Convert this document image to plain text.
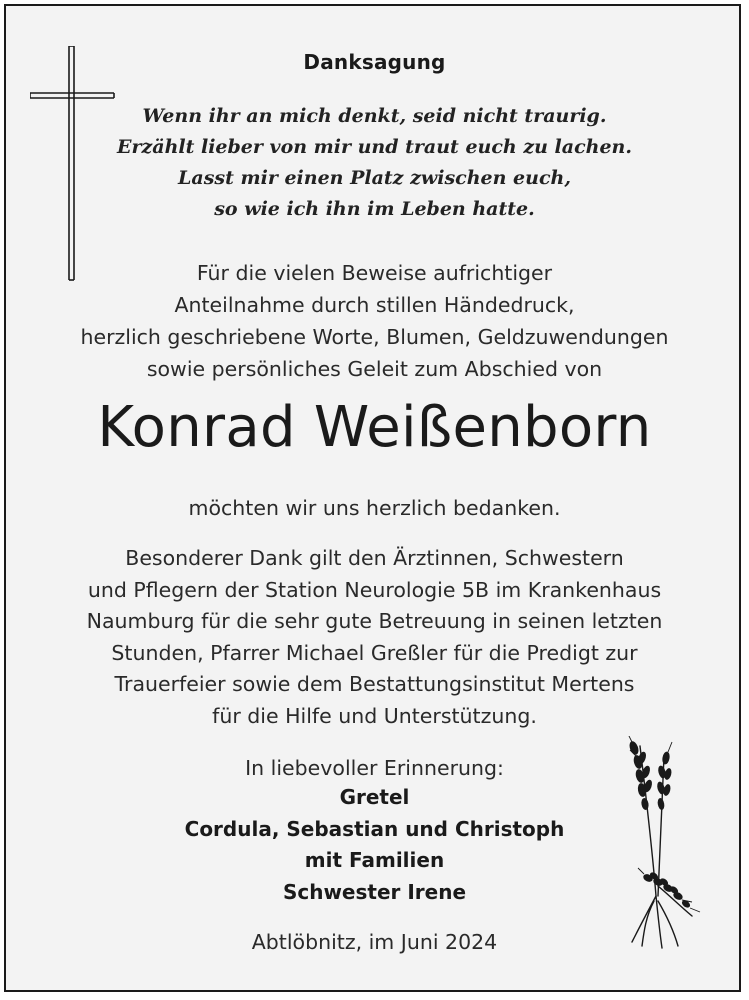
Danksagung
Wenn ihr an mich denkt, seid nicht traurig.
Erzählt lieber von mir und traut euch zu lachen.
Lasst mir einen Platz zwischen euch,
so wie ich ihn im Leben hatte.
Für die vielen Beweise aufrichtiger
Anteilnahme durch stillen Händedruck,
herzlich geschriebene Worte, Blumen, Geldzuwendungen
sowie persönliches Geleit zum Abschied von
Konrad Weißenborn
möchten wir uns herzlich bedanken.
Besonderer Dank gilt den Ärztinnen, Schwestern
und Pflegern der Station Neurologie 5B im Krankenhaus
Naumburg für die sehr gute Betreuung in seinen letzten
Stunden, Pfarrer Michael Greßler für die Predigt zur
Trauerfeier sowie dem Bestattungsinstitut Mertens
für die Hilfe und Unterstützung.
In liebevoller Erinnerung:
Gretel
Cordula, Sebastian und Christoph
mit Familien
Schwester Irene
Abtlöbnitz, im Juni 2024
